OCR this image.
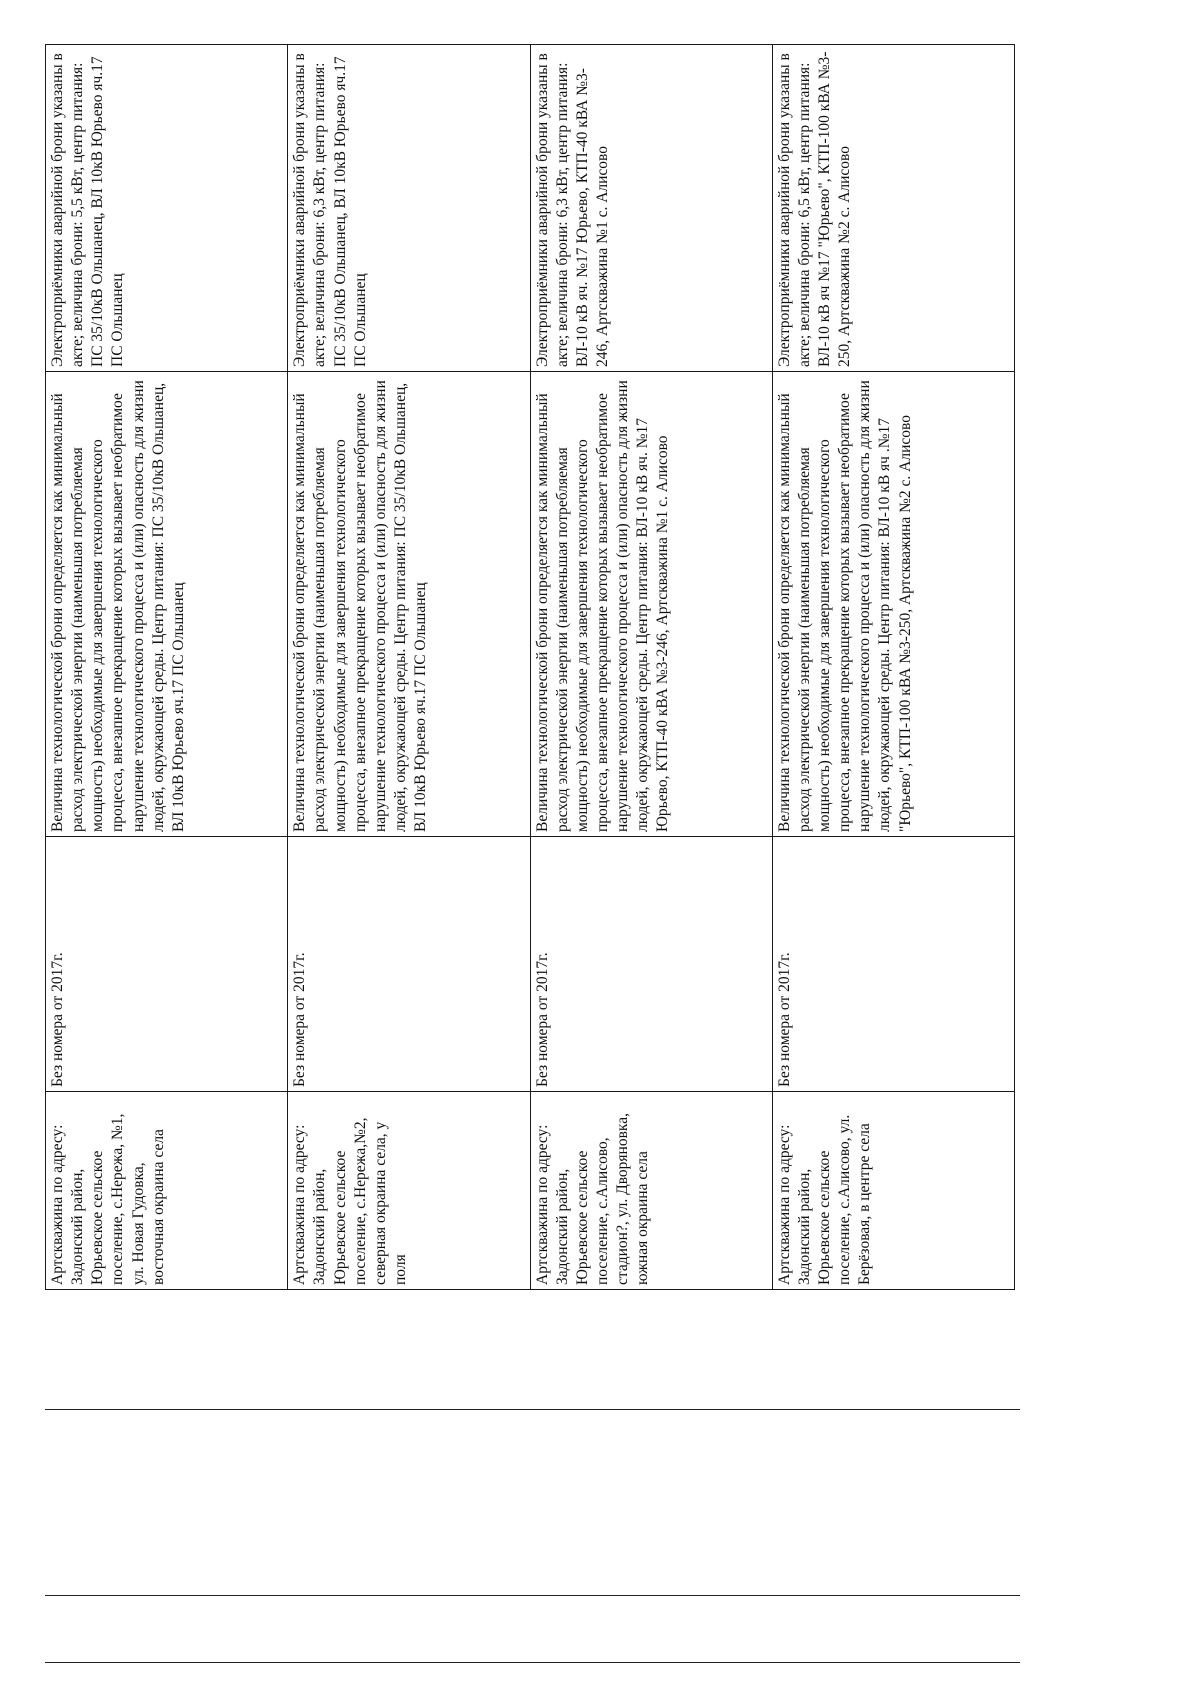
Артскважина по адресу: Задонский район, Юрьевское сельское поселение, с.Нережа, №1, ул. Новая Гудовка, восточная окраина села	Без номера от 2017г.	Величина технологической брони определяется как минимальный расход электрической энергии (наименьшая потребляемая мощность) необходимые для завершения технологического процесса, внезапное прекращение которых вызывает необратимое нарушение технологического процесса и (или) опасность для жизни людей, окружающей среды. Центр питания: ПС 35/10кВ Ольшанец, ВЛ 10кВ Юрьево яч.17 ПС Ольшанец	Электроприёмники аварийной брони указаны в акте; величина брони: 5,5 кВт, центр питания: ПС 35/10кВ Ольшанец, ВЛ 10кВ Юрьево яч.17 ПС Ольшанец
Артскважина по адресу: Задонский район, Юрьевское сельское поселение, с.Нережа,№2, северная окраина села, у поля	Без номера от 2017г.	Величина технологической брони определяется как минимальный расход электрической энергии (наименьшая потребляемая мощность) необходимые для завершения технологического процесса, внезапное прекращение которых вызывает необратимое нарушение технологического процесса и (или) опасность для жизни людей, окружающей среды. Центр питания: ПС 35/10кВ Ольшанец, ВЛ 10кВ Юрьево яч.17 ПС Ольшанец	Электроприёмники аварийной брони указаны в акте; величина брони: 6,3 кВт, центр питания: ПС 35/10кВ Ольшанец, ВЛ 10кВ Юрьево яч.17 ПС Ольшанец
Артскважина по адресу: Задонский район, Юрьевское сельское поселение, с.Алисово, стадион?, ул. Дворяновка, южная окраина села	Без номера от 2017г.	Величина технологической брони определяется как минимальный расход электрической энергии (наименьшая потребляемая мощность) необходимые для завершения технологического процесса, внезапное прекращение которых вызывает необратимое нарушение технологического процесса и (или) опасность для жизни людей, окружающей среды. Центр питания: ВЛ-10 кВ яч. №17 Юрьево, КТП-40 кВА №3-246, Артскважина №1 с. Алисово	Электроприёмники аварийной брони указаны в акте; величина брони: 6,3 кВт, центр питания: ВЛ-10 кВ яч. №17 Юрьево, КТП-40 кВА №3-246, Артскважина №1 с. Алисово
Артскважина по адресу: Задонский район, Юрьевское сельское поселение, с.Алисово, ул. Берёзовая, в центре села	Без номера от 2017г.	Величина технологической брони определяется как минимальный расход электрической энергии (наименьшая потребляемая мощность) необходимые для завершения технологического процесса, внезапное прекращение которых вызывает необратимое нарушение технологического процесса и (или) опасность для жизни людей, окружающей среды. Центр питания: ВЛ-10 кВ яч .№17 "Юрьево", КТП-100 кВА №3-250, Артскважина №2 с. Алисово	Электроприёмники аварийной брони указаны в акте; величина брони: 6,5 кВт, центр питания: ВЛ-10 кВ яч №17 "Юрьево", КТП-100 кВА №3-250, Артскважина №2 с. Алисово
